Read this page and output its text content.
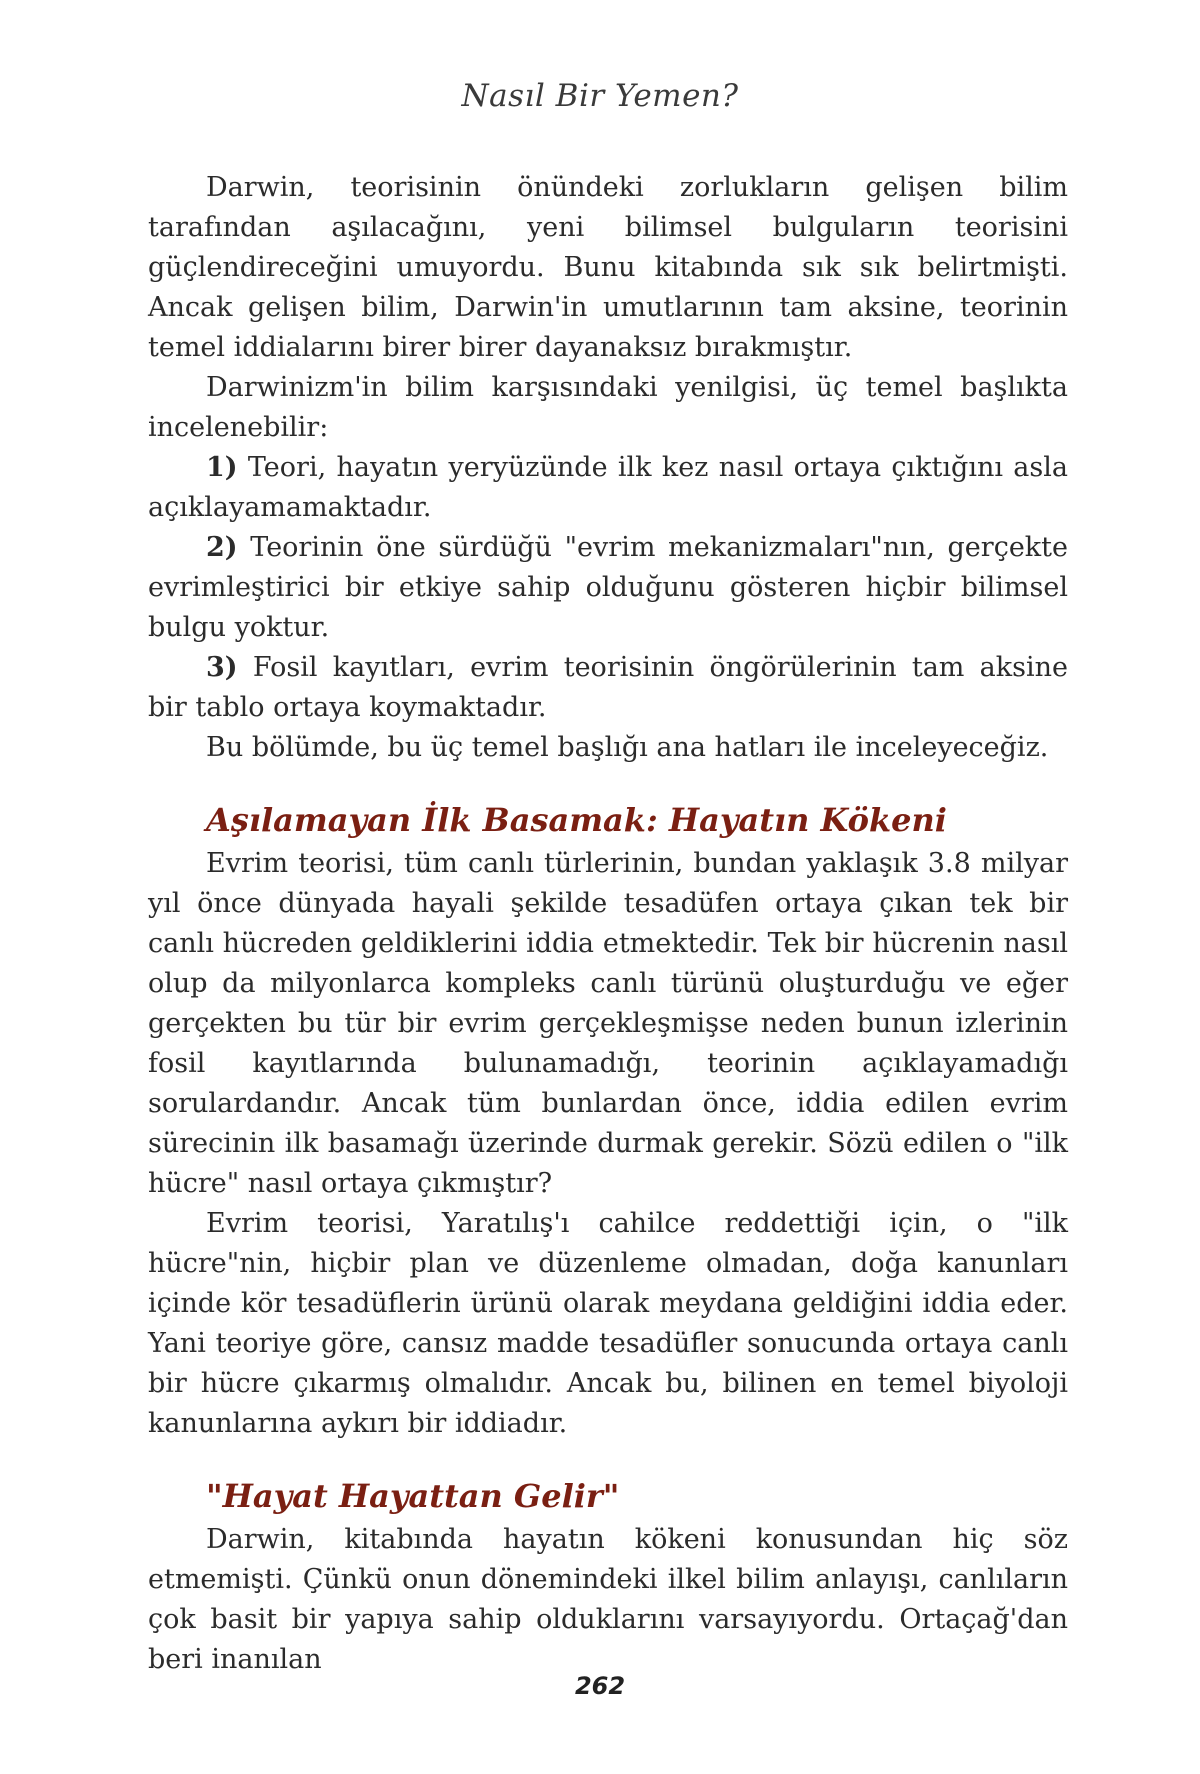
Nasıl Bir Yemen?

Darwin, teorisinin önündeki zorlukların gelişen bilim tarafından aşılacağını, yeni bilimsel bulguların teorisini güçlendireceğini umuyordu. Bunu kitabında sık sık belirtmişti. Ancak gelişen bilim, Darwin'in umutlarının tam aksine, teorinin temel iddialarını birer birer dayanaksız bırakmıştır.

Darwinizm'in bilim karşısındaki yenilgisi, üç temel başlıkta incelenebilir:

1) Teori, hayatın yeryüzünde ilk kez nasıl ortaya çıktığını asla açıklayamamaktadır.

2) Teorinin öne sürdüğü "evrim mekanizmaları"nın, gerçekte evrimleştirici bir etkiye sahip olduğunu gösteren hiçbir bilimsel bulgu yoktur.

3) Fosil kayıtları, evrim teorisinin öngörülerinin tam aksine bir tablo ortaya koymaktadır.

Bu bölümde, bu üç temel başlığı ana hatları ile inceleyeceğiz.

Aşılamayan İlk Basamak: Hayatın Kökeni

Evrim teorisi, tüm canlı türlerinin, bundan yaklaşık 3.8 milyar yıl önce dünyada hayali şekilde tesadüfen ortaya çıkan tek bir canlı hücreden geldiklerini iddia etmektedir. Tek bir hücrenin nasıl olup da milyonlarca kompleks canlı türünü oluşturduğu ve eğer gerçekten bu tür bir evrim gerçekleşmişse neden bunun izlerinin fosil kayıtlarında bulunamadığı, teorinin açıklayamadığı sorulardandır. Ancak tüm bunlardan önce, iddia edilen evrim sürecinin ilk basamağı üzerinde durmak gerekir. Sözü edilen o "ilk hücre" nasıl ortaya çıkmıştır?

Evrim teorisi, Yaratılış'ı cahilce reddettiği için, o "ilk hücre"nin, hiçbir plan ve düzenleme olmadan, doğa kanunları içinde kör tesadüflerin ürünü olarak meydana geldiğini iddia eder. Yani teoriye göre, cansız madde tesadüfler sonucunda ortaya canlı bir hücre çıkarmış olmalıdır. Ancak bu, bilinen en temel biyoloji kanunlarına aykırı bir iddiadır.

"Hayat Hayattan Gelir"

Darwin, kitabında hayatın kökeni konusundan hiç söz etmemişti. Çünkü onun dönemindeki ilkel bilim anlayışı, canlıların çok basit bir yapıya sahip olduklarını varsayıyordu. Ortaçağ'dan beri inanılan

262
